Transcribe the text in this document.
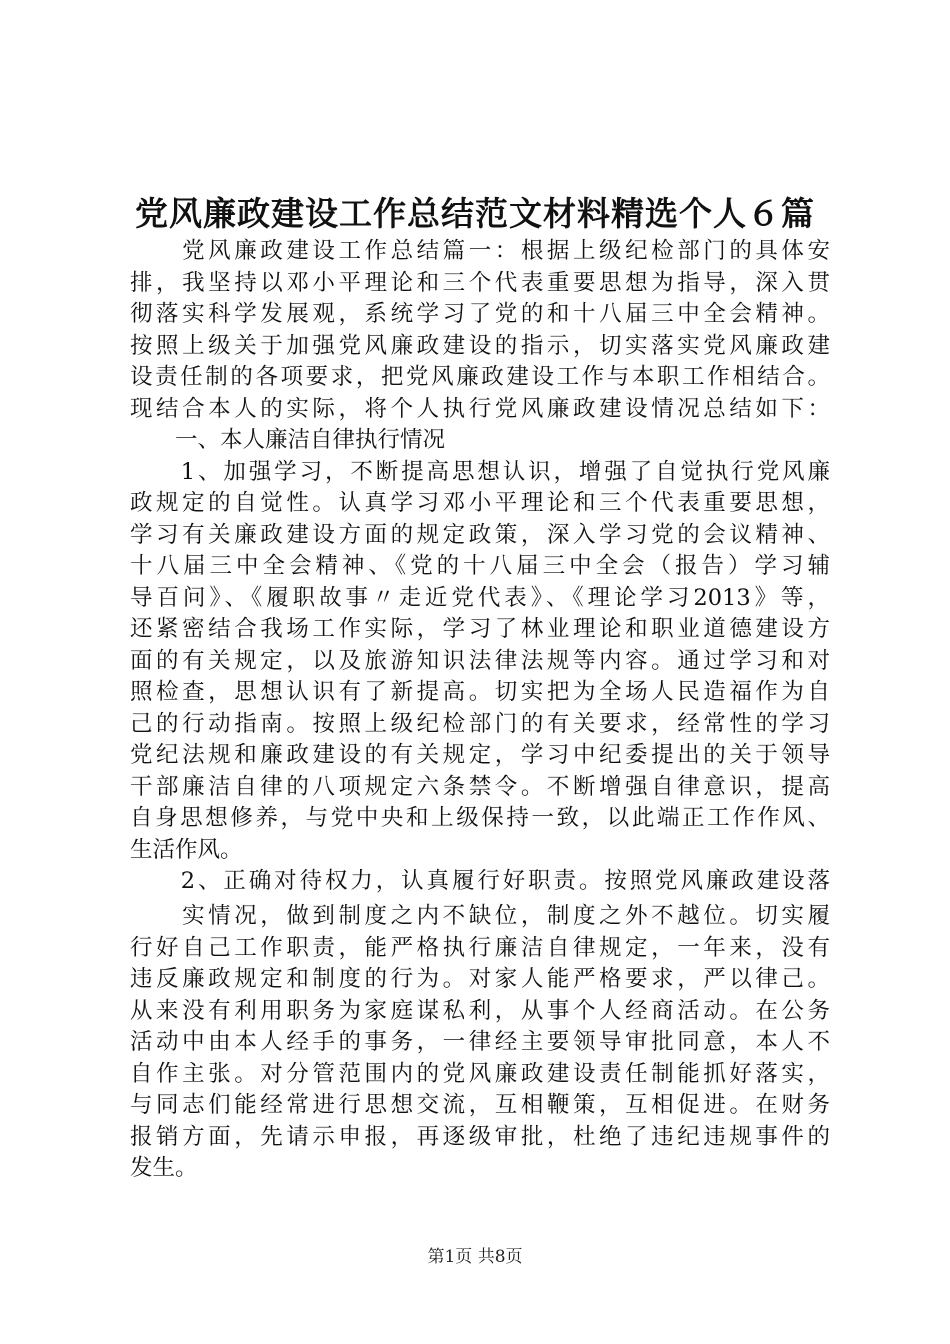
党风廉政建设工作总结范文材料精选个人６篇
　　党风廉政建设工作总结篇一：根据上级纪检部门的具体安
排，我坚持以邓小平理论和三个代表重要思想为指导，深入贯
彻落实科学发展观，系统学习了党的和十八届三中全会精神。
按照上级关于加强党风廉政建设的指示，切实落实党风廉政建
设责任制的各项要求，把党风廉政建设工作与本职工作相结合。
现结合本人的实际，将个人执行党风廉政建设情况总结如下：
　　一、本人廉洁自律执行情况
　　1、加强学习，不断提高思想认识，增强了自觉执行党风廉
政规定的自觉性。认真学习邓小平理论和三个代表重要思想，
学习有关廉政建设方面的规定政策，深入学习党的会议精神、
十八届三中全会精神、《党的十八届三中全会（报告）学习辅
导百问》、《履职故事〃走近党代表》、《理论学习2013》等，
还紧密结合我场工作实际，学习了林业理论和职业道德建设方
面的有关规定，以及旅游知识法律法规等内容。通过学习和对
照检查，思想认识有了新提高。切实把为全场人民造福作为自
己的行动指南。按照上级纪检部门的有关要求，经常性的学习
党纪法规和廉政建设的有关规定，学习中纪委提出的关于领导
干部廉洁自律的八项规定六条禁令。不断增强自律意识，提高
自身思想修养，与党中央和上级保持一致，以此端正工作作风、
生活作风。
　　2、正确对待权力，认真履行好职责。按照党风廉政建设落
　　实情况，做到制度之内不缺位，制度之外不越位。切实履
行好自己工作职责，能严格执行廉洁自律规定，一年来，没有
违反廉政规定和制度的行为。对家人能严格要求，严以律己。
从来没有利用职务为家庭谋私利，从事个人经商活动。在公务
活动中由本人经手的事务，一律经主要领导审批同意，本人不
自作主张。对分管范围内的党风廉政建设责任制能抓好落实，
与同志们能经常进行思想交流，互相鞭策，互相促进。在财务
报销方面，先请示申报，再逐级审批，杜绝了违纪违规事件的
发生。
第1页 共8页
